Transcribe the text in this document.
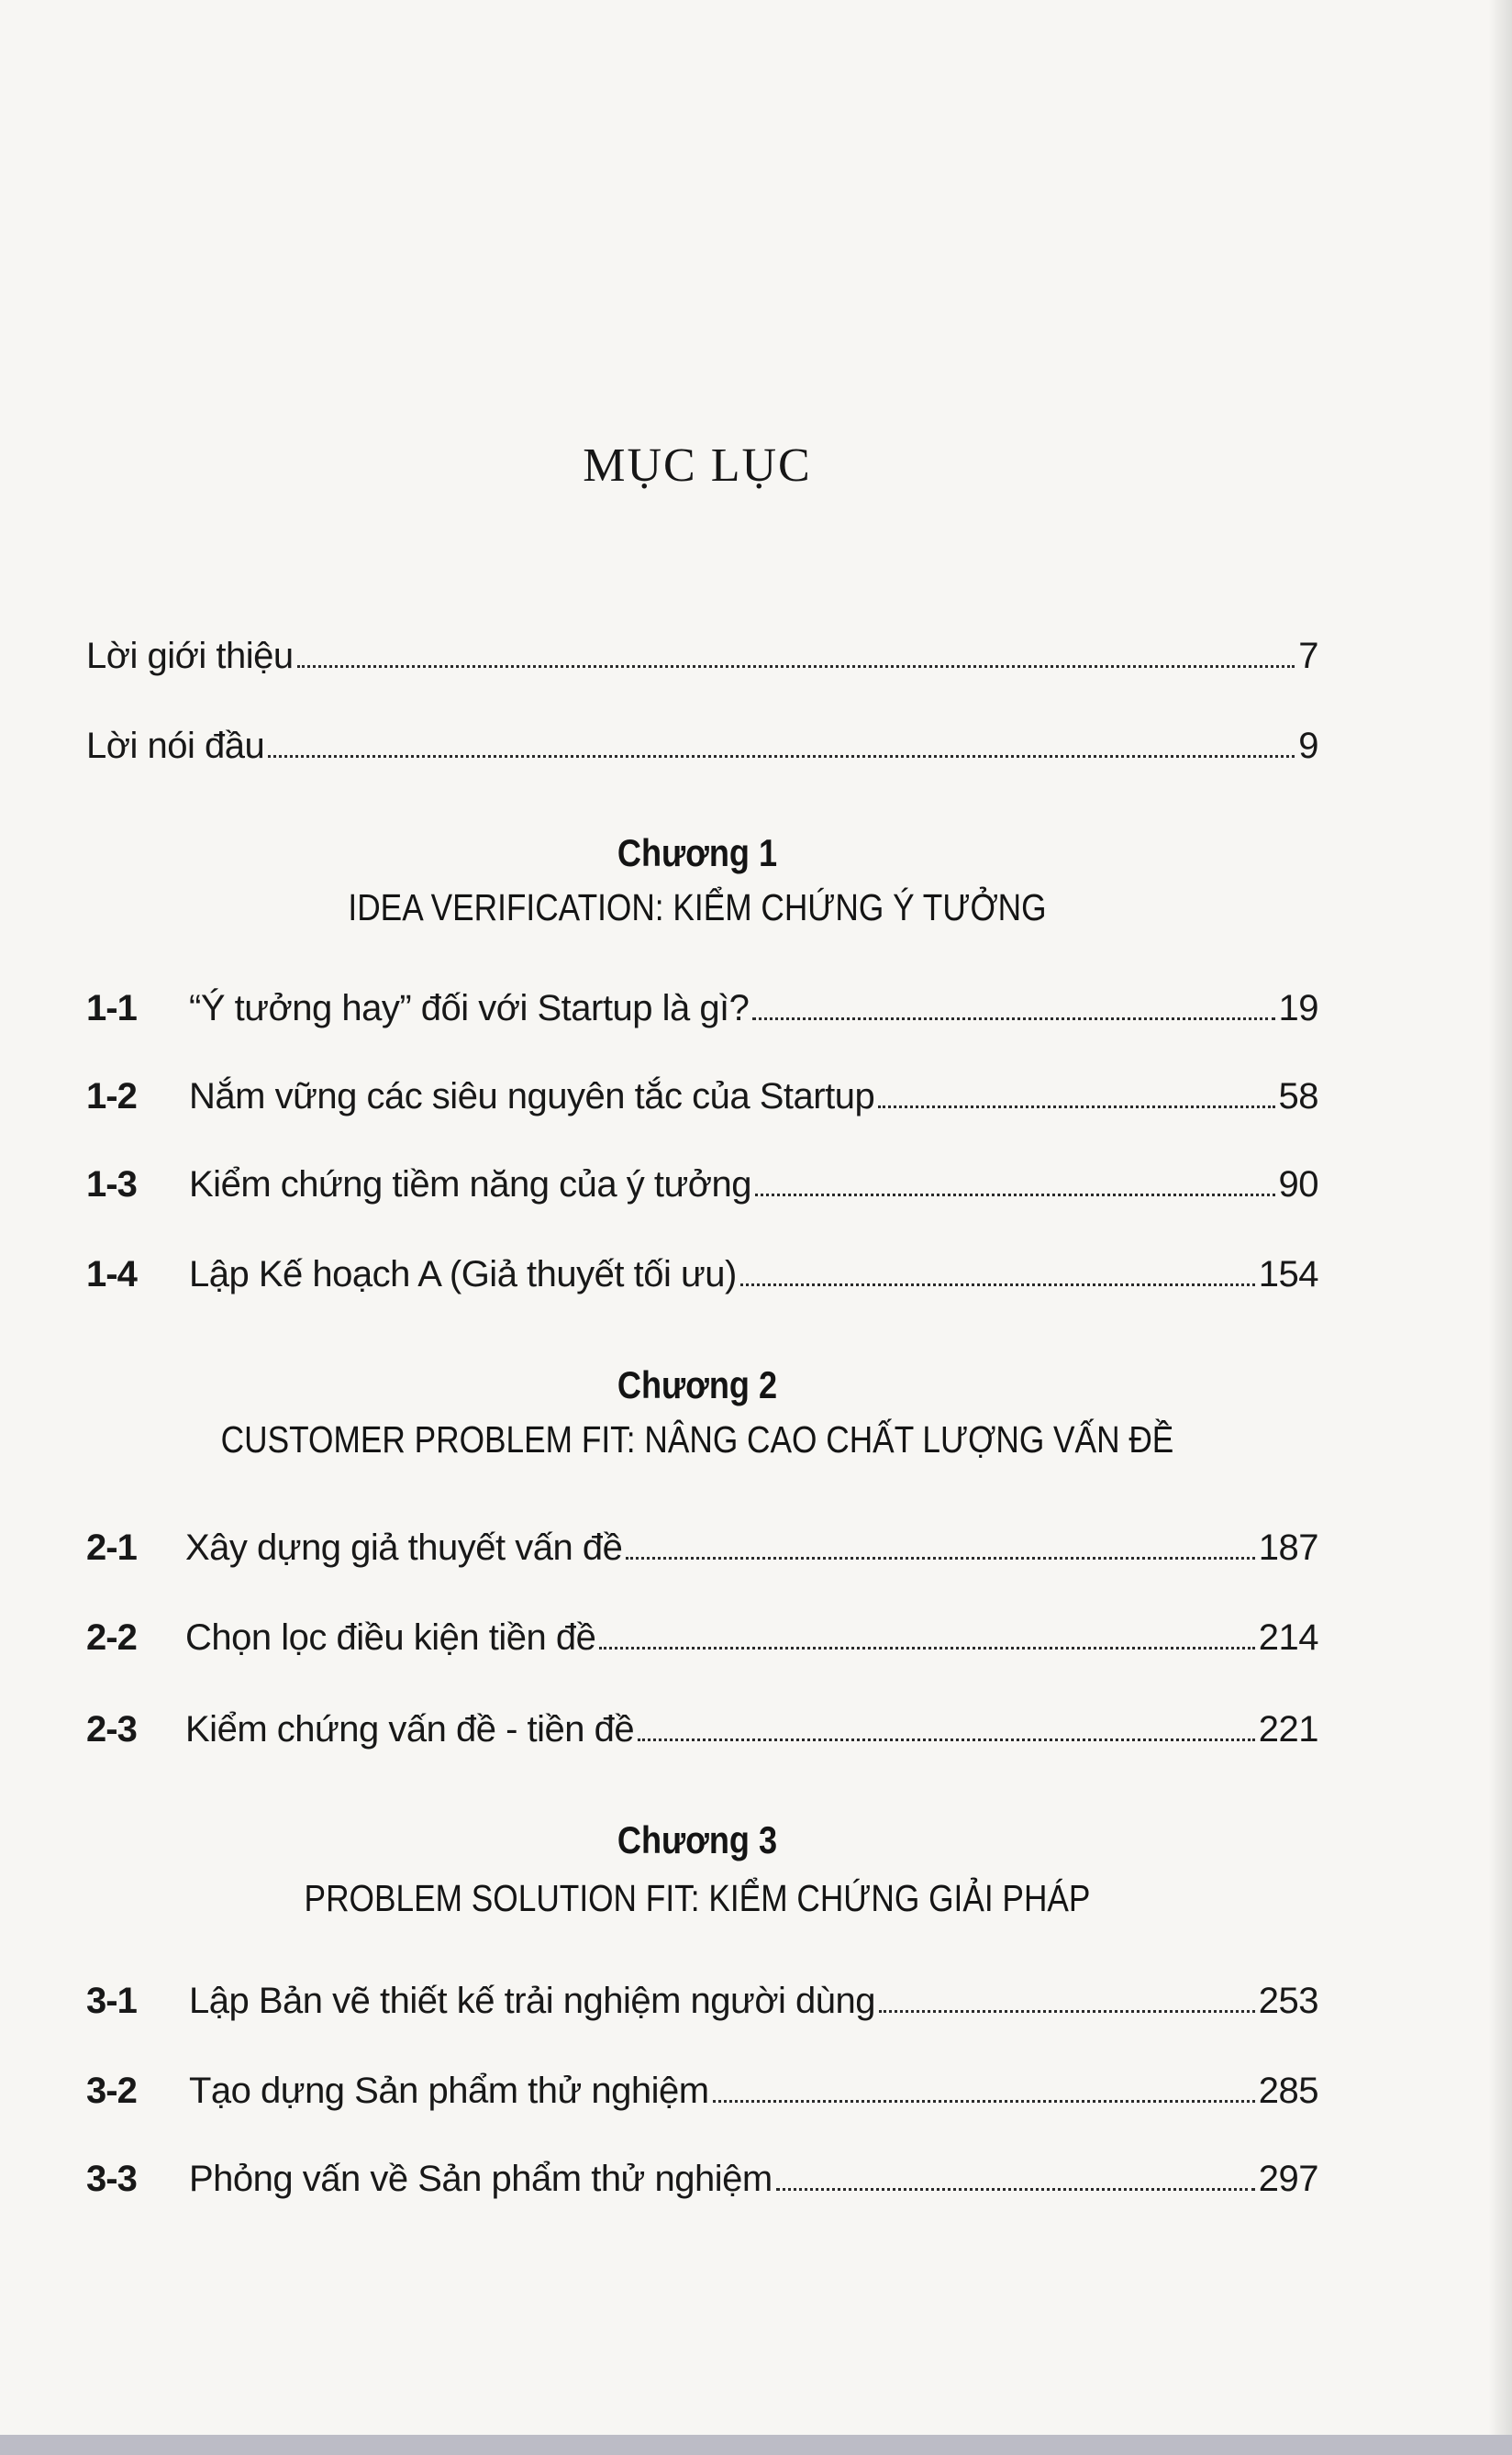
MỤC LỤC
Lời giới thiệu	7
Lời nói đầu	9
Chương 1
IDEA VERIFICATION: KIỂM CHỨNG Ý TƯỞNG
1-1	“Ý tưởng hay” đối với Startup là gì?	19
1-2	Nắm vững các siêu nguyên tắc của Startup	58
1-3	Kiểm chứng tiềm năng của ý tưởng	90
1-4	Lập Kế hoạch A (Giả thuyết tối ưu)	154
Chương 2
CUSTOMER PROBLEM FIT: NÂNG CAO CHẤT LƯỢNG VẤN ĐỀ
2-1	Xây dựng giả thuyết vấn đề	187
2-2	Chọn lọc điều kiện tiền đề	214
2-3	Kiểm chứng vấn đề - tiền đề	221
Chương 3
PROBLEM SOLUTION FIT: KIỂM CHỨNG GIẢI PHÁP
3-1	Lập Bản vẽ thiết kế trải nghiệm người dùng	253
3-2	Tạo dựng Sản phẩm thử nghiệm	285
3-3	Phỏng vấn về Sản phẩm thử nghiệm	297
